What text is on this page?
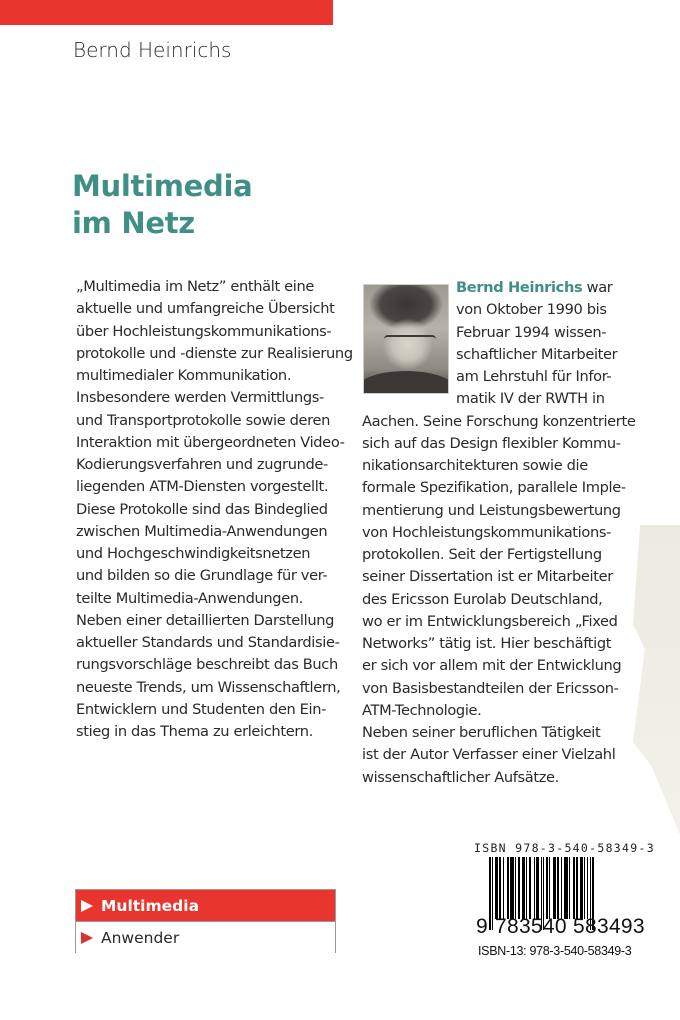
Bernd Heinrichs
Multimedia
im Netz
„Multimedia im Netz” enthält eine
aktuelle und umfangreiche Übersicht
über Hochleistungskommunikations-
protokolle und -dienste zur Realisierung
multimedialer Kommunikation.
Insbesondere werden Vermittlungs-
und Transportprotokolle sowie deren
Interaktion mit übergeordneten Video-
Kodierungsverfahren und zugrunde-
liegenden ATM-Diensten vorgestellt.
Diese Protokolle sind das Bindeglied
zwischen Multimedia-Anwendungen
und Hochgeschwindigkeitsnetzen
und bilden so die Grundlage für ver-
teilte Multimedia-Anwendungen.
Neben einer detaillierten Darstellung
aktueller Standards und Standardisie-
rungsvorschläge beschreibt das Buch
neueste Trends, um Wissenschaftlern,
Entwicklern und Studenten den Ein-
stieg in das Thema zu erleichtern.
Bernd Heinrichs war
von Oktober 1990 bis
Februar 1994 wissen-
schaftlicher Mitarbeiter
am Lehrstuhl für Infor-
matik IV der RWTH in
Aachen. Seine Forschung konzentrierte
sich auf das Design flexibler Kommu-
nikationsarchitekturen sowie die
formale Spezifikation, parallele Imple-
mentierung und Leistungsbewertung
von Hochleistungskommunikations-
protokollen. Seit der Fertigstellung
seiner Dissertation ist er Mitarbeiter
des Ericsson Eurolab Deutschland,
wo er im Entwicklungsbereich „Fixed
Networks” tätig ist. Hier beschäftigt
er sich vor allem mit der Entwicklung
von Basisbestandteilen der Ericsson-
ATM-Technologie.
Neben seiner beruflichen Tätigkeit
ist der Autor Verfasser einer Vielzahl
wissenschaftlicher Aufsätze.
Multimedia
Anwender
ISBN 978-3-540-58349-3
9 783540 583493
ISBN-13: 978-3-540-58349-3
